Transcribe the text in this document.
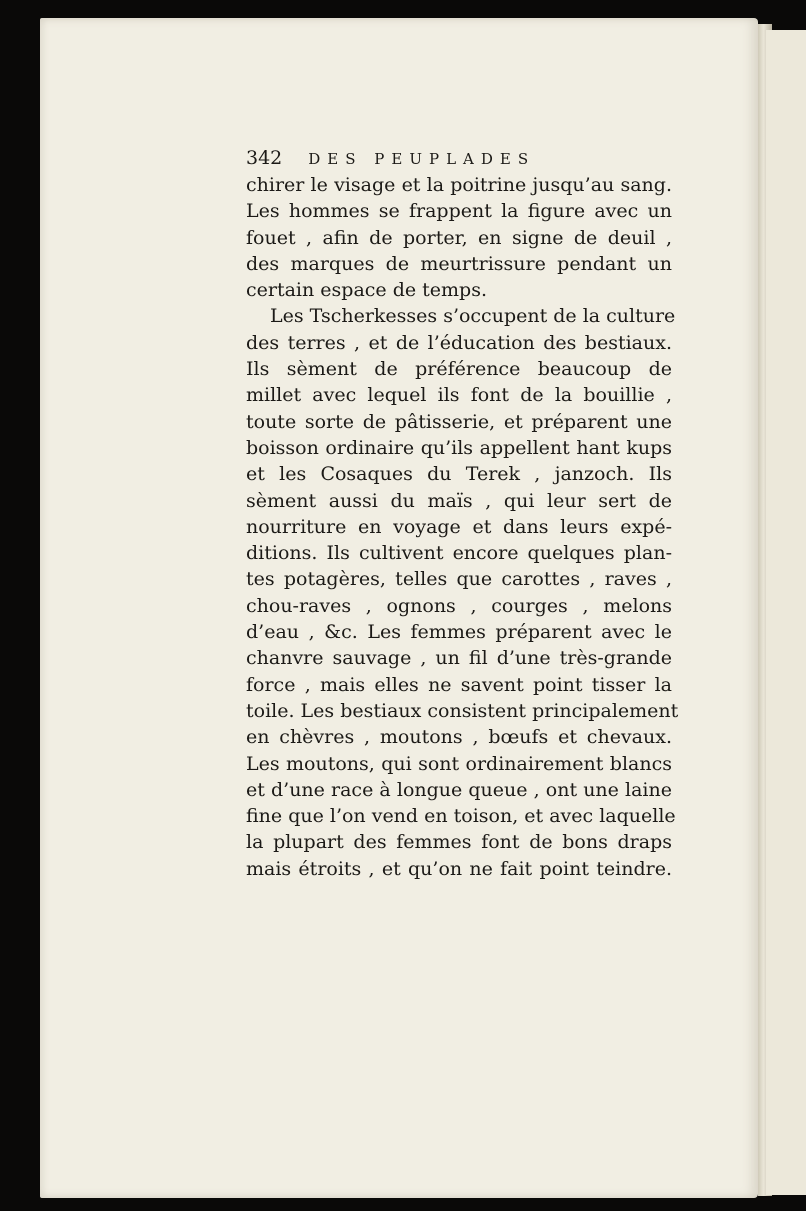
342 DES PEUPLADES
chirer le visage et la poitrine jusqu’au sang.
Les hommes se frappent la figure avec un
fouet , afin de porter, en signe de deuil ,
des marques de meurtrissure pendant un
certain espace de temps.
Les Tscherkesses s’occupent de la culture
des terres , et de l’éducation des bestiaux.
Ils sèment de préférence beaucoup de
millet avec lequel ils font de la bouillie ,
toute sorte de pâtisserie, et préparent une
boisson ordinaire qu’ils appellent hant kups
et les Cosaques du Terek , janzoch. Ils
sèment aussi du maïs , qui leur sert de
nourriture en voyage et dans leurs expé-
ditions. Ils cultivent encore quelques plan-
tes potagères, telles que carottes , raves ,
chou-raves , ognons , courges , melons
d’eau , &c. Les femmes préparent avec le
chanvre sauvage , un fil d’une très-grande
force , mais elles ne savent point tisser la
toile. Les bestiaux consistent principalement
en chèvres , moutons , bœufs et chevaux.
Les moutons, qui sont ordinairement blancs
et d’une race à longue queue , ont une laine
fine que l’on vend en toison, et avec laquelle
la plupart des femmes font de bons draps
mais étroits , et qu’on ne fait point teindre.
